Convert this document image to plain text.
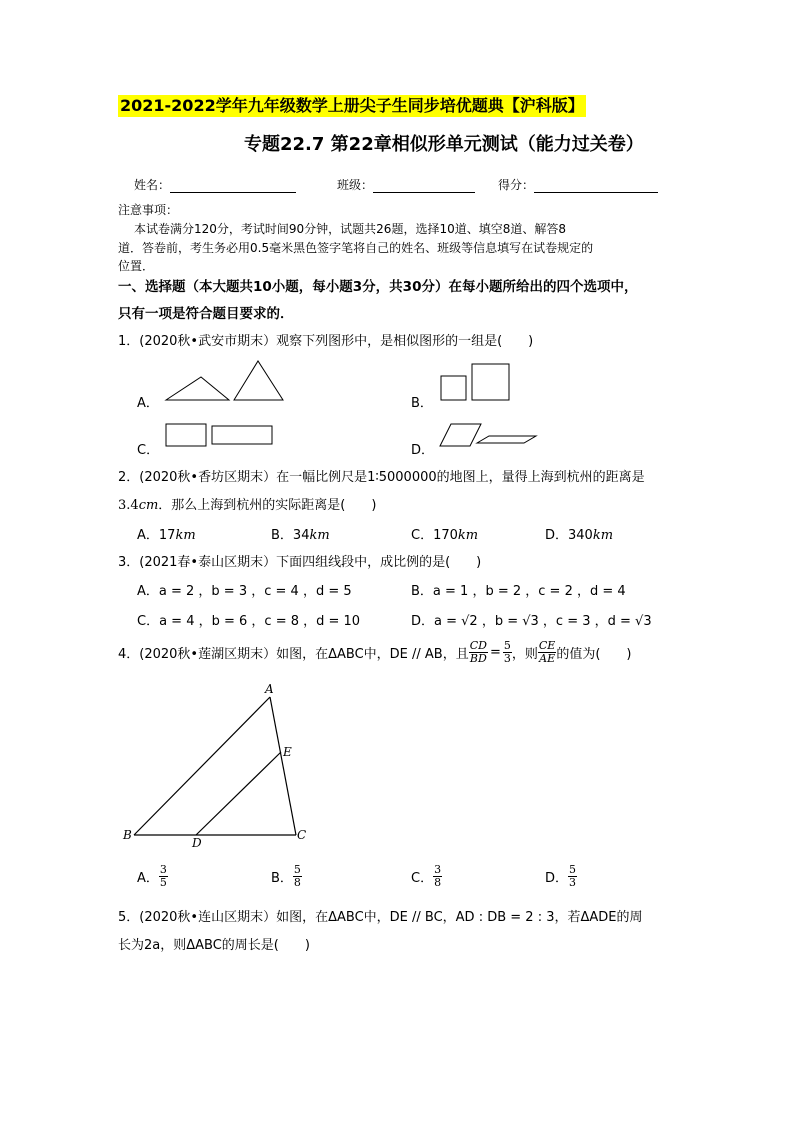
2021-2022学年九年级数学上册尖子生同步培优题典【沪科版】
专题22.7 第22章相似形单元测试（能力过关卷）
姓名：	班级：	得分：
注意事项：
本试卷满分120分，考试时间90分钟，试题共26题，选择10道、填空8道、解答8
道．答卷前，考生务必用0.5毫米黑色签字笔将自己的姓名、班级等信息填写在试卷规定的
位置．
一、选择题（本大题共10小题，每小题3分，共30分）在每小题所给出的四个选项中，
只有一项是符合题目要求的．
1．(2020秋•武安市期末）观察下列图形中，是相似图形的一组是(　　)
A．	B．
C．	D．
2．(2020秋•香坊区期末）在一幅比例尺是1∶5000000的地图上，量得上海到杭州的距离是
3.4cm．那么上海到杭州的实际距离是(　　)
A．17km	B．34km	C．170km	D．340km
3．(2021春•泰山区期末）下面四组线段中，成比例的是(　　)
A．a = 2 ，b = 3 ，c = 4 ，d = 5	B．a = 1 ，b = 2 ，c = 2 ，d = 4
C．a = 4 ，b = 6 ，c = 8 ，d = 10	D．a = √2 ，b = √3 ，c = 3 ，d = √3
4．(2020秋•莲湖区期末）如图，在ΔABC中，DE // AB，且 $\frac{CD}{BD} = \frac{5}{3}$ ，则 $\frac{CE}{AE}$ 的值为(　　)
A
B	C
D
E
A． $\frac{3}{5}$	B． $\frac{5}{8}$	C． $\frac{3}{8}$	D． $\frac{5}{3}$
5．(2020秋•连山区期末）如图，在ΔABC中，DE // BC，AD : DB = 2 : 3，若ΔADE的周
长为2a，则ΔABC的周长是(　　)
